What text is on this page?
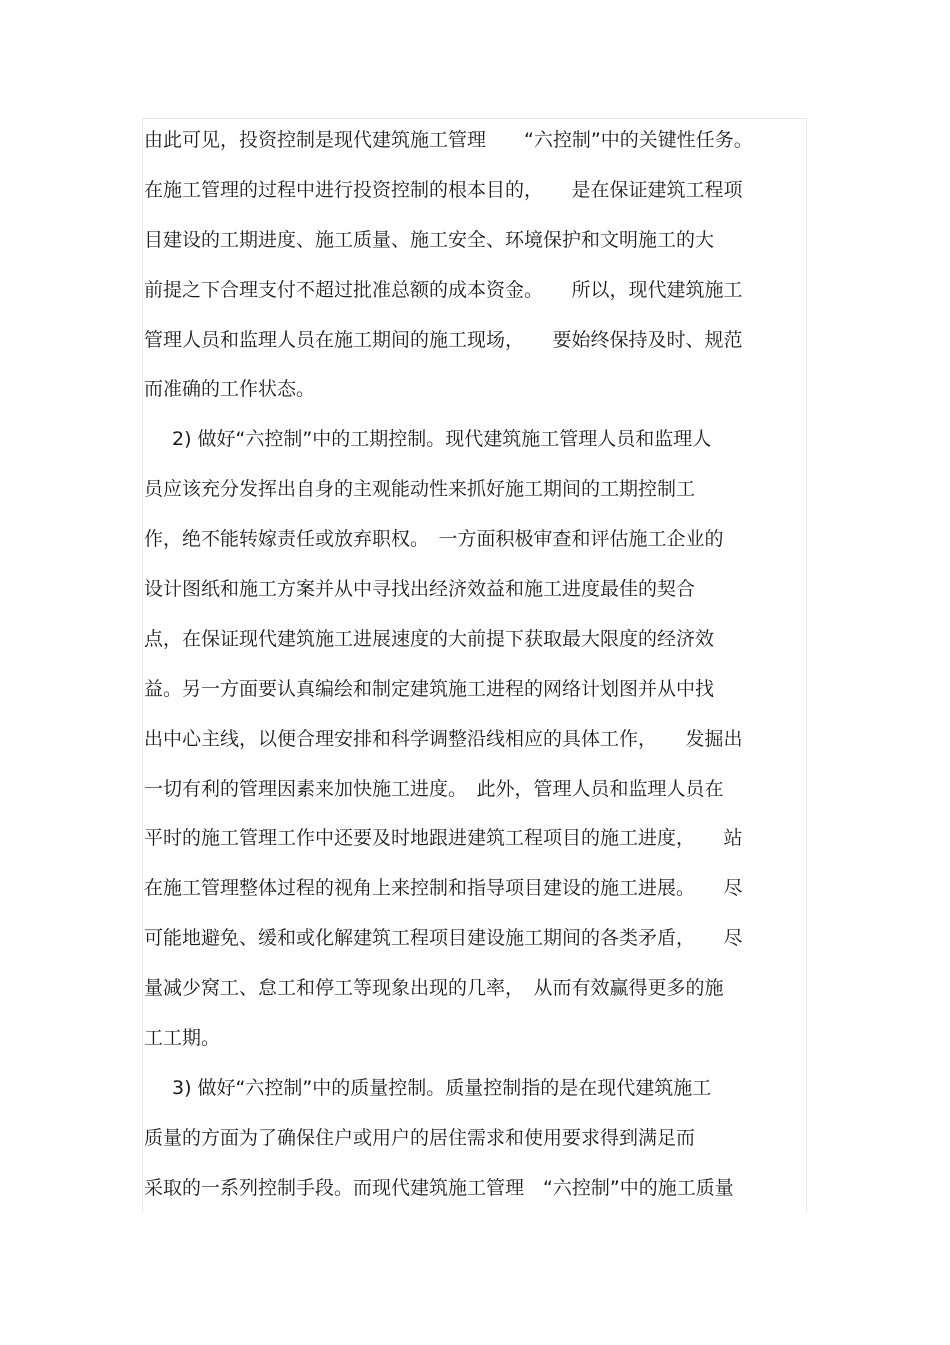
由此可见，投资控制是现代建筑施工管理　　“六控制”中的关键性任务。
在施工管理的过程中进行投资控制的根本目的，　　是在保证建筑工程项
目建设的工期进度、施工质量、施工安全、环境保护和文明施工的大
前提之下合理支付不超过批准总额的成本资金。　　所以，现代建筑施工
管理人员和监理人员在施工期间的施工现场，　　要始终保持及时、规范
而准确的工作状态。
2) 做好“六控制”中的工期控制。现代建筑施工管理人员和监理人
员应该充分发挥出自身的主观能动性来抓好施工期间的工期控制工
作，绝不能转嫁责任或放弃职权。　一方面积极审查和评估施工企业的
设计图纸和施工方案并从中寻找出经济效益和施工进度最佳的契合
点，在保证现代建筑施工进展速度的大前提下获取最大限度的经济效
益。另一方面要认真编绘和制定建筑施工进程的网络计划图并从中找
出中心主线，以便合理安排和科学调整沿线相应的具体工作，　　发掘出
一切有利的管理因素来加快施工进度。　此外，管理人员和监理人员在
平时的施工管理工作中还要及时地跟进建筑工程项目的施工进度，　　站
在施工管理整体过程的视角上来控制和指导项目建设的施工进展。　　尽
可能地避免、缓和或化解建筑工程项目建设施工期间的各类矛盾，　　尽
量减少窝工、怠工和停工等现象出现的几率，　从而有效赢得更多的施
工工期。
3) 做好“六控制”中的质量控制。质量控制指的是在现代建筑施工
质量的方面为了确保住户或用户的居住需求和使用要求得到满足而
采取的一系列控制手段。而现代建筑施工管理　“六控制”中的施工质量
